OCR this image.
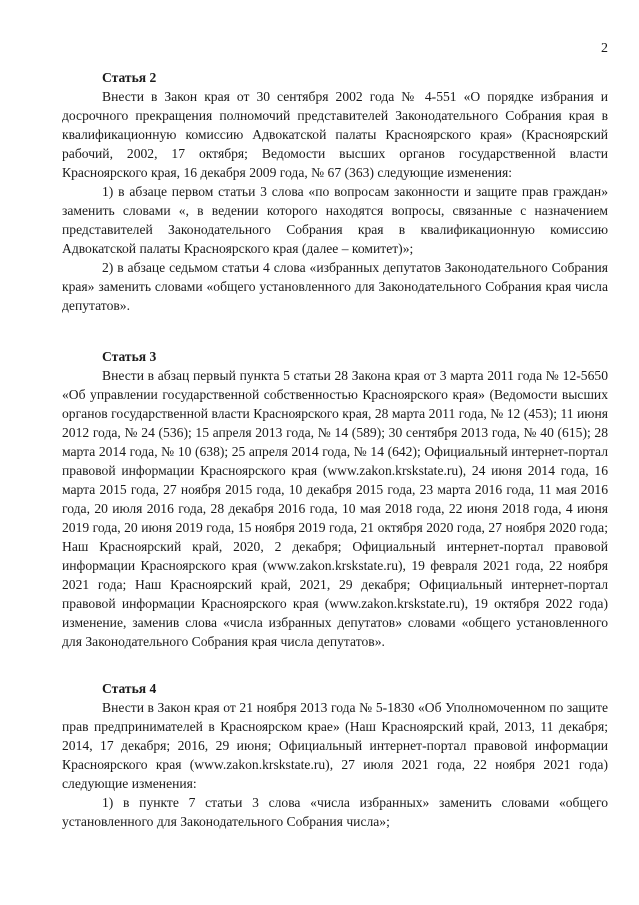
2
Статья 2

Внести в Закон края от 30 сентября 2002 года № 4-551 «О порядке избрания и досрочного прекращения полномочий представителей Законодательного Собрания края в квалификационную комиссию Адвокатской палаты Красноярского края» (Красноярский рабочий, 2002, 17 октября; Ведомости высших органов государственной власти Красноярского края, 16 декабря 2009 года, № 67 (363) следующие изменения:

1) в абзаце первом статьи 3 слова «по вопросам законности и защите прав граждан» заменить словами «, в ведении которого находятся вопросы, связанные с назначением представителей Законодательного Собрания края в квалификационную комиссию Адвокатской палаты Красноярского края (далее – комитет)»;

2) в абзаце седьмом статьи 4 слова «избранных депутатов Законодательного Собрания края» заменить словами «общего установленного для Законодательного Собрания края числа депутатов».

Статья 3

Внести в абзац первый пункта 5 статьи 28 Закона края от 3 марта 2011 года № 12-5650 «Об управлении государственной собственностью Красноярского края» (Ведомости высших органов государственной власти Красноярского края, 28 марта 2011 года, № 12 (453); 11 июня 2012 года, № 24 (536); 15 апреля 2013 года, № 14 (589); 30 сентября 2013 года, № 40 (615); 28 марта 2014 года, № 10 (638); 25 апреля 2014 года, № 14 (642); Официальный интернет-портал правовой информации Красноярского края (www.zakon.krskstate.ru), 24 июня 2014 года, 16 марта 2015 года, 27 ноября 2015 года, 10 декабря 2015 года, 23 марта 2016 года, 11 мая 2016 года, 20 июля 2016 года, 28 декабря 2016 года, 10 мая 2018 года, 22 июня 2018 года, 4 июня 2019 года, 20 июня 2019 года, 15 ноября 2019 года, 21 октября 2020 года, 27 ноября 2020 года; Наш Красноярский край, 2020, 2 декабря; Официальный интернет-портал правовой информации Красноярского края (www.zakon.krskstate.ru), 19 февраля 2021 года, 22 ноября 2021 года; Наш Красноярский край, 2021, 29 декабря; Официальный интернет-портал правовой информации Красноярского края (www.zakon.krskstate.ru), 19 октября 2022 года) изменение, заменив слова «числа избранных депутатов» словами «общего установленного для Законодательного Собрания края числа депутатов».

Статья 4

Внести в Закон края от 21 ноября 2013 года № 5-1830 «Об Уполномоченном по защите прав предпринимателей в Красноярском крае» (Наш Красноярский край, 2013, 11 декабря; 2014, 17 декабря; 2016, 29 июня; Официальный интернет-портал правовой информации Красноярского края (www.zakon.krskstate.ru), 27 июля 2021 года, 22 ноября 2021 года) следующие изменения:

1) в пункте 7 статьи 3 слова «числа избранных» заменить словами «общего установленного для Законодательного Собрания числа»;
